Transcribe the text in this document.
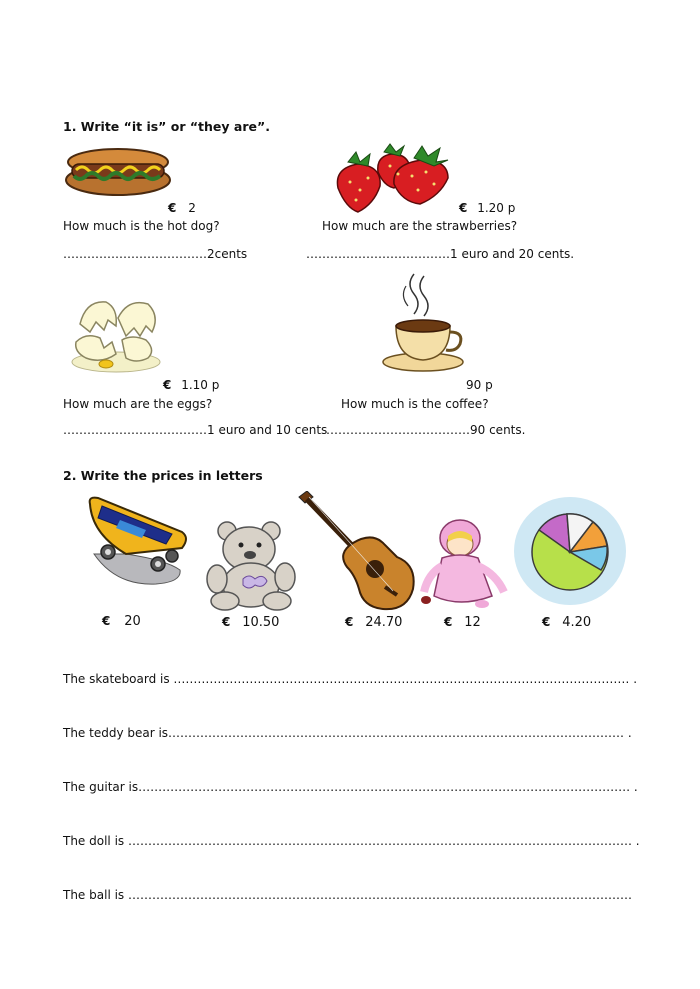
1. Write “it is” or “they are”.
€ 2
How much is the hot dog?
………………………………2cents
€ 1.20 p
How much are the strawberries?
………………………………1 euro and 20 cents.
€ 1.10 p
How much are the eggs?
………………………………1 euro and 10 cents
90 p
How much is the coffee?
………………………………90 cents.
2. Write the prices in letters
€ 20	€ 10.50	€ 24.70	€ 12	€ 4.20
The skateboard is …………………………………………………………………………………………………… .
The teddy bear is…………………………………………………………………………………………………… .
The guitar is…………………………………………………………………………………………………………… .
The doll is ……………………………………………………………………………………………………………… .
The ball is ………………………………………………………………………………………………………………
